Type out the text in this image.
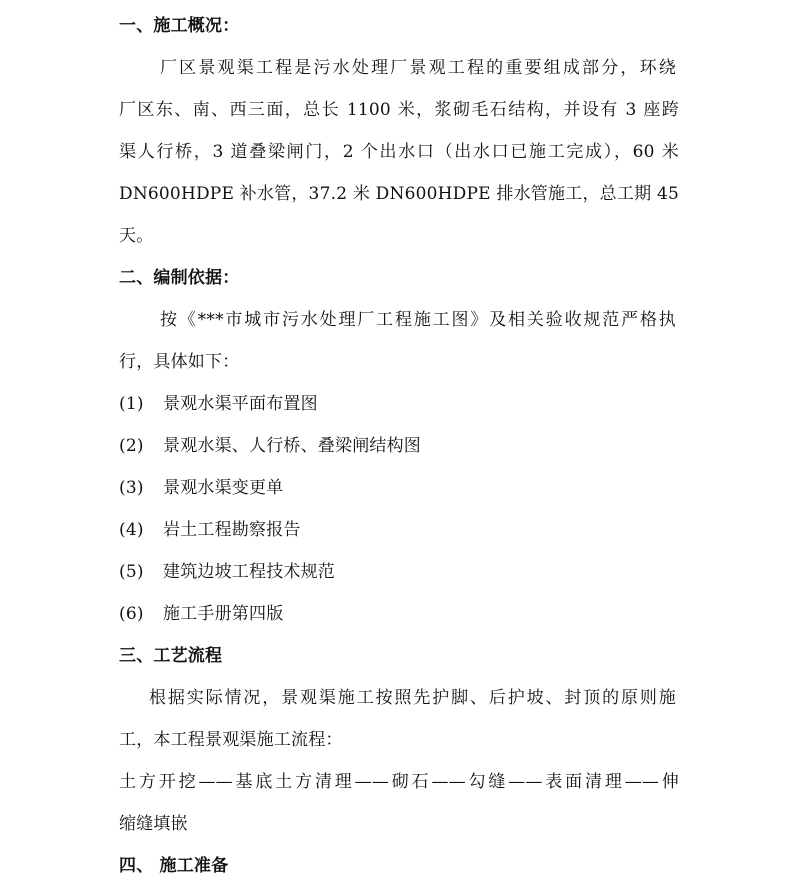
一、施工概况：
厂区景观渠工程是污水处理厂景观工程的重要组成部分，环绕
厂区东、南、西三面，总长 1100 米，浆砌毛石结构，并设有 3 座跨
渠人行桥，3 道叠梁闸门，2 个出水口（出水口已施工完成），60 米
DN600HDPE 补水管，37.2 米 DN600HDPE 排水管施工，总工期 45
天。
二、编制依据：
按《***市城市污水处理厂工程施工图》及相关验收规范严格执
行，具体如下：
(1) 景观水渠平面布置图
(2) 景观水渠、人行桥、叠梁闸结构图
(3) 景观水渠变更单
(4) 岩土工程勘察报告
(5) 建筑边坡工程技术规范
(6) 施工手册第四版
三、工艺流程
根据实际情况，景观渠施工按照先护脚、后护坡、封顶的原则施
工，本工程景观渠施工流程：
土方开挖——基底土方清理——砌石——勾缝——表面清理——伸
缩缝填嵌
四、 施工准备
